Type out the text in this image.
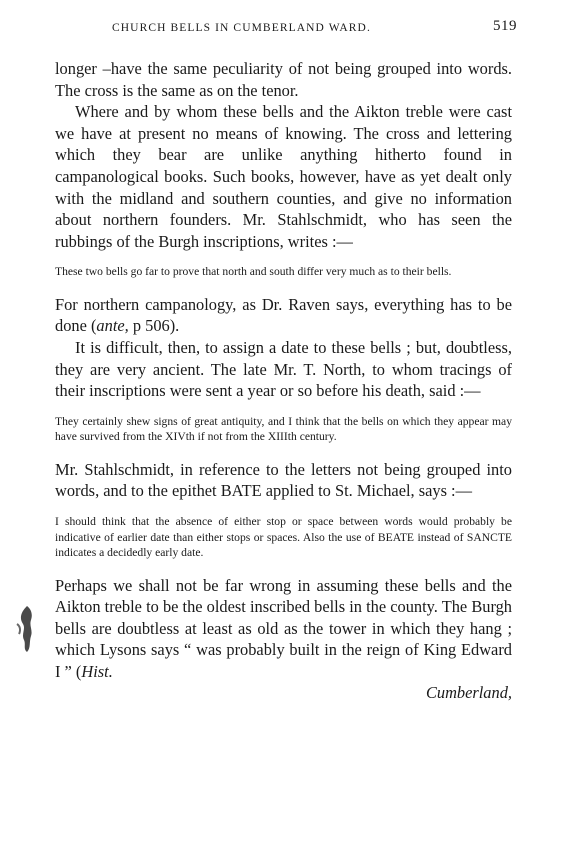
CHURCH BELLS IN CUMBERLAND WARD.	519

longer –have the same peculiarity of not being grouped into words. The cross is the same as on the tenor.

Where and by whom these bells and the Aikton treble were cast we have at present no means of knowing. The cross and lettering which they bear are unlike anything hitherto found in campanological books. Such books, however, have as yet dealt only with the midland and southern counties, and give no information about northern founders. Mr. Stahlschmidt, who has seen the rubbings of the Burgh inscriptions, writes :—

These two bells go far to prove that north and south differ very much as to their bells.

For northern campanology, as Dr. Raven says, everything has to be done (ante, p 506).

It is difficult, then, to assign a date to these bells ; but, doubtless, they are very ancient. The late Mr. T. North, to whom tracings of their inscriptions were sent a year or so before his death, said :—

They certainly shew signs of great antiquity, and I think that the bells on which they appear may have survived from the XIVth if not from the XIIIth century.

Mr. Stahlschmidt, in reference to the letters not being grouped into words, and to the epithet BATE applied to St. Michael, says :—

I should think that the absence of either stop or space between words would probably be indicative of earlier date than either stops or spaces. Also the use of BEATE instead of SANCTE indicates a decidedly early date.

Perhaps we shall not be far wrong in assuming these bells and the Aikton treble to be the oldest inscribed bells in the county. The Burgh bells are doubtless at least as old as the tower in which they hang ; which Lysons says “ was probably built in the reign of King Edward I ” (Hist.

Cumberland,
